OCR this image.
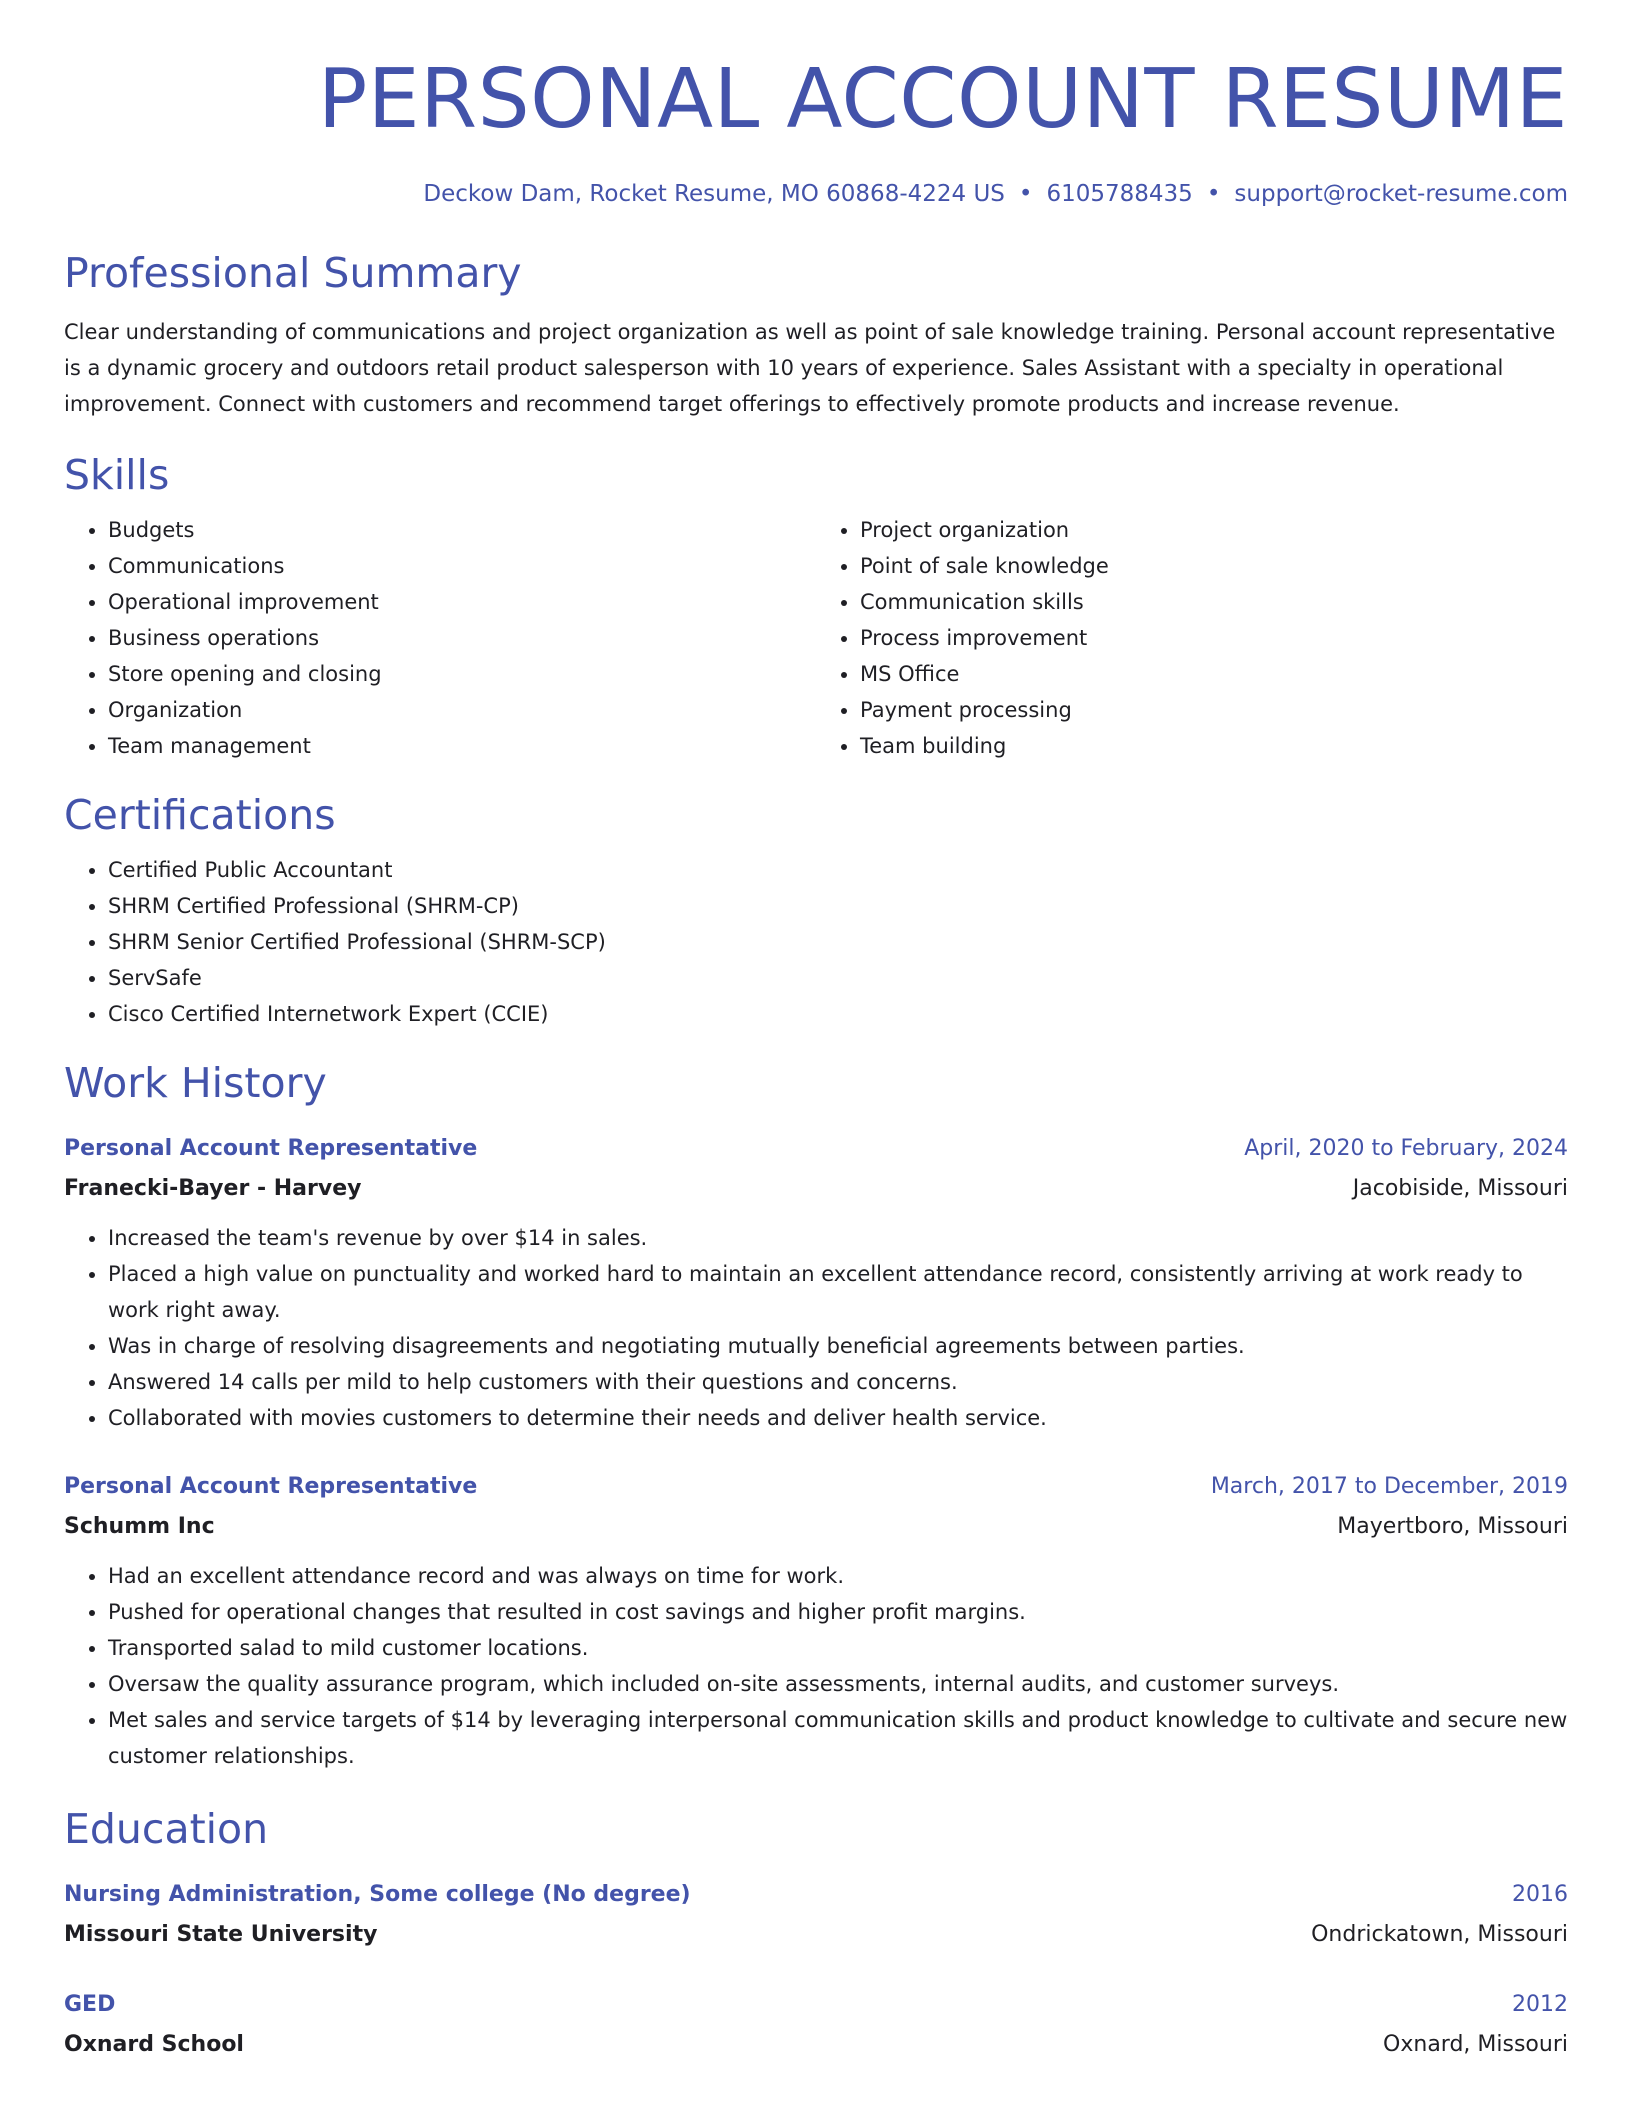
PERSONAL ACCOUNT RESUME
Deckow Dam, Rocket Resume, MO 60868-4224 US • 6105788435 • support@rocket-resume.com
Professional Summary

Clear understanding of communications and project organization as well as point of sale knowledge training. Personal account representative is a dynamic grocery and outdoors retail product salesperson with 10 years of experience. Sales Assistant with a specialty in operational improvement. Connect with customers and recommend target offerings to effectively promote products and increase revenue.

Skills
• Budgets
• Communications
• Operational improvement
• Business operations
• Store opening and closing
• Organization
• Team management
• Project organization
• Point of sale knowledge
• Communication skills
• Process improvement
• MS Office
• Payment processing
• Team building
Certifications
• Certified Public Accountant
• SHRM Certified Professional (SHRM-CP)
• SHRM Senior Certified Professional (SHRM-SCP)
• ServSafe
• Cisco Certified Internetwork Expert (CCIE)
Work History
Personal Account Representative	April, 2020 to February, 2024
Franecki-Bayer - Harvey	Jacobiside, Missouri
• Increased the team's revenue by over $14 in sales.
• Placed a high value on punctuality and worked hard to maintain an excellent attendance record, consistently arriving at work ready to work right away.
• Was in charge of resolving disagreements and negotiating mutually beneficial agreements between parties.
• Answered 14 calls per mild to help customers with their questions and concerns.
• Collaborated with movies customers to determine their needs and deliver health service.
Personal Account Representative	March, 2017 to December, 2019
Schumm Inc	Mayertboro, Missouri
• Had an excellent attendance record and was always on time for work.
• Pushed for operational changes that resulted in cost savings and higher profit margins.
• Transported salad to mild customer locations.
• Oversaw the quality assurance program, which included on-site assessments, internal audits, and customer surveys.
• Met sales and service targets of $14 by leveraging interpersonal communication skills and product knowledge to cultivate and secure new customer relationships.
Education
Nursing Administration, Some college (No degree)	2016
Missouri State University	Ondrickatown, Missouri
GED	2012
Oxnard School	Oxnard, Missouri
